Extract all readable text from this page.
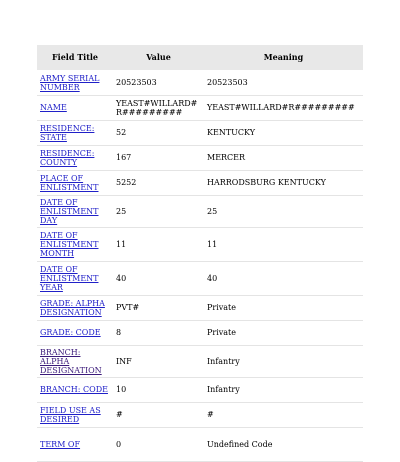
Field Title	Value	Meaning
ARMY SERIAL NUMBER	20523503	20523503
NAME	YEAST#WILLARD#R#########	YEAST#WILLARD#R#########
RESIDENCE: STATE	52	KENTUCKY
RESIDENCE: COUNTY	167	MERCER
PLACE OF ENLISTMENT	5252	HARRODSBURG KENTUCKY
DATE OF ENLISTMENT DAY	25	25
DATE OF ENLISTMENT MONTH	11	11
DATE OF ENLISTMENT YEAR	40	40
GRADE: ALPHA DESIGNATION	PVT#	Private
GRADE: CODE	8	Private
BRANCH: ALPHA DESIGNATION	INF	Infantry
BRANCH: CODE	10	Infantry
FIELD USE AS DESIRED	#	#
TERM OF	0	Undefined Code
